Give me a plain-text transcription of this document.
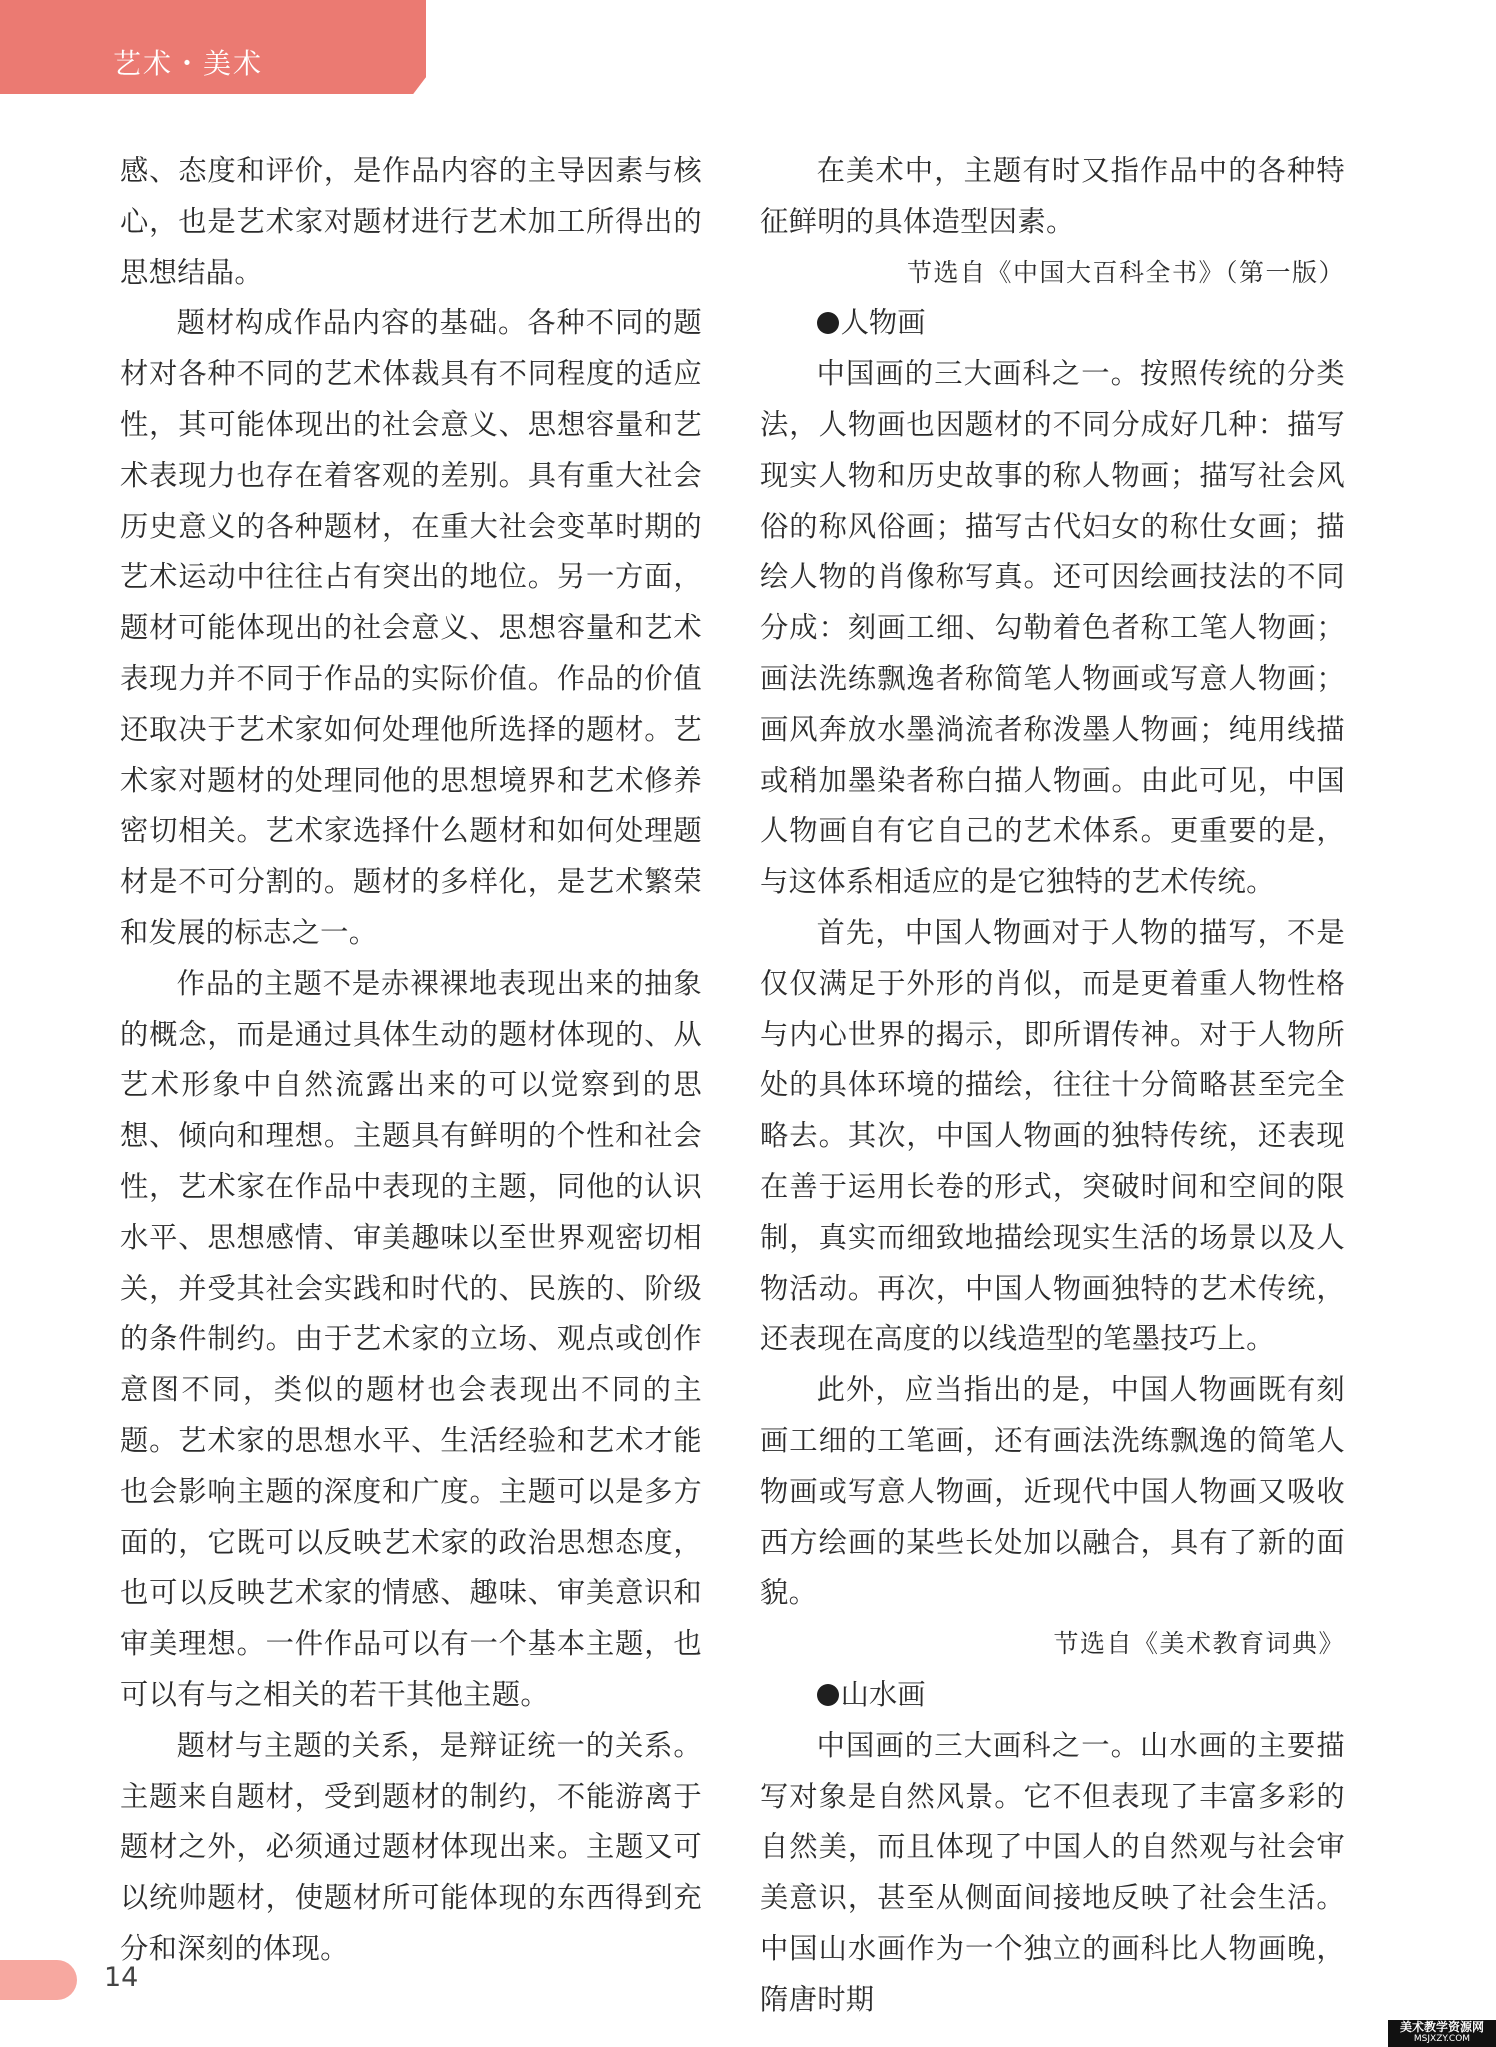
艺术・美术

感、态度和评价，是作品内容的主导因素与核心，也是艺术家对题材进行艺术加工所得出的思想结晶。

题材构成作品内容的基础。各种不同的题材对各种不同的艺术体裁具有不同程度的适应性，其可能体现出的社会意义、思想容量和艺术表现力也存在着客观的差别。具有重大社会历史意义的各种题材，在重大社会变革时期的艺术运动中往往占有突出的地位。另一方面，题材可能体现出的社会意义、思想容量和艺术表现力并不同于作品的实际价值。作品的价值还取决于艺术家如何处理他所选择的题材。艺术家对题材的处理同他的思想境界和艺术修养密切相关。艺术家选择什么题材和如何处理题材是不可分割的。题材的多样化，是艺术繁荣和发展的标志之一。

作品的主题不是赤裸裸地表现出来的抽象的概念，而是通过具体生动的题材体现的、从艺术形象中自然流露出来的可以觉察到的思想、倾向和理想。主题具有鲜明的个性和社会性，艺术家在作品中表现的主题，同他的认识水平、思想感情、审美趣味以至世界观密切相关，并受其社会实践和时代的、民族的、阶级的条件制约。由于艺术家的立场、观点或创作意图不同，类似的题材也会表现出不同的主题。艺术家的思想水平、生活经验和艺术才能也会影响主题的深度和广度。主题可以是多方面的，它既可以反映艺术家的政治思想态度，也可以反映艺术家的情感、趣味、审美意识和审美理想。一件作品可以有一个基本主题，也可以有与之相关的若干其他主题。

题材与主题的关系，是辩证统一的关系。主题来自题材，受到题材的制约，不能游离于题材之外，必须通过题材体现出来。主题又可以统帅题材，使题材所可能体现的东西得到充分和深刻的体现。

在美术中，主题有时又指作品中的各种特征鲜明的具体造型因素。

节选自《中国大百科全书》（第一版）

人物画

中国画的三大画科之一。按照传统的分类法，人物画也因题材的不同分成好几种：描写现实人物和历史故事的称人物画；描写社会风俗的称风俗画；描写古代妇女的称仕女画；描绘人物的肖像称写真。还可因绘画技法的不同分成：刻画工细、勾勒着色者称工笔人物画；画法洗练飘逸者称简笔人物画或写意人物画；画风奔放水墨淌流者称泼墨人物画；纯用线描或稍加墨染者称白描人物画。由此可见，中国人物画自有它自己的艺术体系。更重要的是，与这体系相适应的是它独特的艺术传统。

首先，中国人物画对于人物的描写，不是仅仅满足于外形的肖似，而是更着重人物性格与内心世界的揭示，即所谓传神。对于人物所处的具体环境的描绘，往往十分简略甚至完全略去。其次，中国人物画的独特传统，还表现在善于运用长卷的形式，突破时间和空间的限制，真实而细致地描绘现实生活的场景以及人物活动。再次，中国人物画独特的艺术传统，还表现在高度的以线造型的笔墨技巧上。

此外，应当指出的是，中国人物画既有刻画工细的工笔画，还有画法洗练飘逸的简笔人物画或写意人物画，近现代中国人物画又吸收西方绘画的某些长处加以融合，具有了新的面貌。

节选自《美术教育词典》

山水画

中国画的三大画科之一。山水画的主要描写对象是自然风景。它不但表现了丰富多彩的自然美，而且体现了中国人的自然观与社会审美意识，甚至从侧面间接地反映了社会生活。中国山水画作为一个独立的画科比人物画晚，隋唐时期

14
美术教学资源网
MSJXZY.COM
